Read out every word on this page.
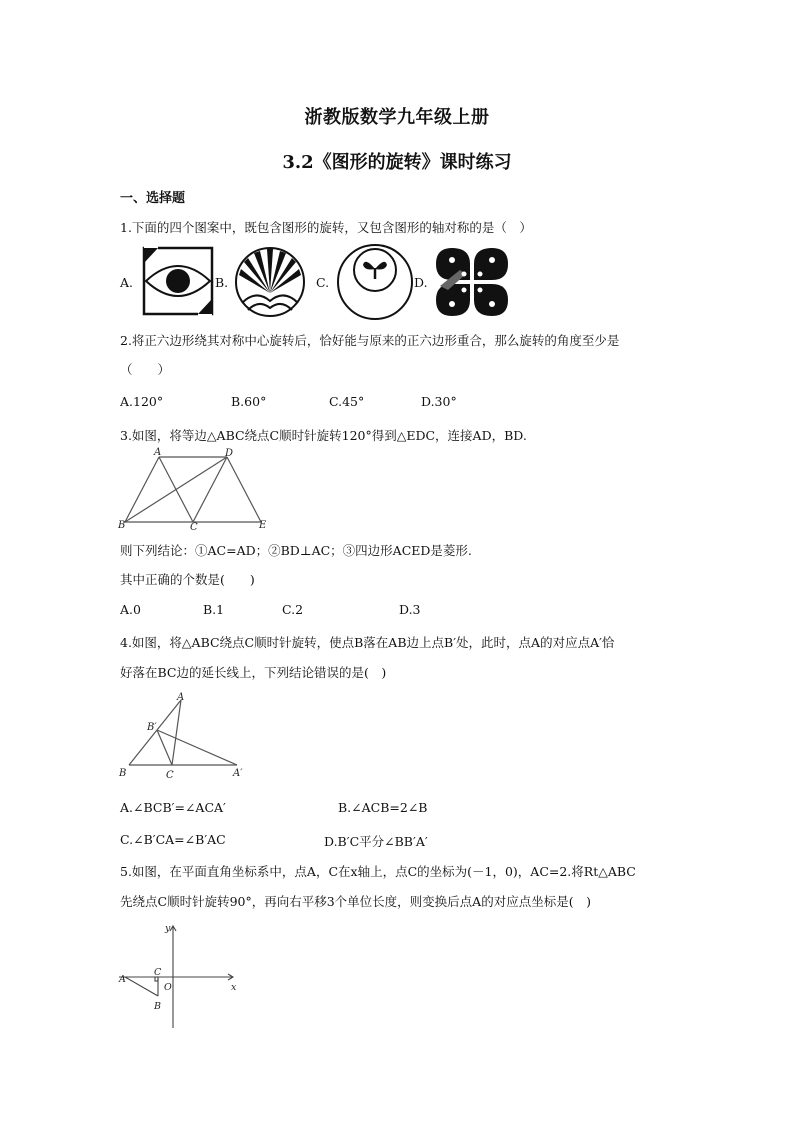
浙教版数学九年级上册
3.2《图形的旋转》课时练习
一、选择题
1.下面的四个图案中，既包含图形的旋转，又包含图形的轴对称的是（　）
A.	B.	C.	D.
2.将正六边形绕其对称中心旋转后，恰好能与原来的正六边形重合，那么旋转的角度至少是
（　　）
A.120°	B.60°	C.45°	D.30°
3.如图，将等边△ABC绕点C顺时针旋转120°得到△EDC，连接AD，BD.
A	D
B	C	E
则下列结论：①AC=AD；②BD⊥AC；③四边形ACED是菱形.
其中正确的个数是(　　)
A.0	B.1	C.2	D.3
4.如图，将△ABC绕点C顺时针旋转，使点B落在AB边上点B′处，此时，点A的对应点A′恰
好落在BC边的延长线上，下列结论错误的是(　)
A
B′
B	C	A′
A.∠BCB′=∠ACA′	B.∠ACB=2∠B
C.∠B′CA=∠B′AC	D.B′C平分∠BB′A′
5.如图，在平面直角坐标系中，点A，C在x轴上，点C的坐标为(－1，0)，AC=2.将Rt△ABC
先绕点C顺时针旋转90°，再向右平移3个单位长度，则变换后点A的对应点坐标是(　)
y
A
C
O	x
B
